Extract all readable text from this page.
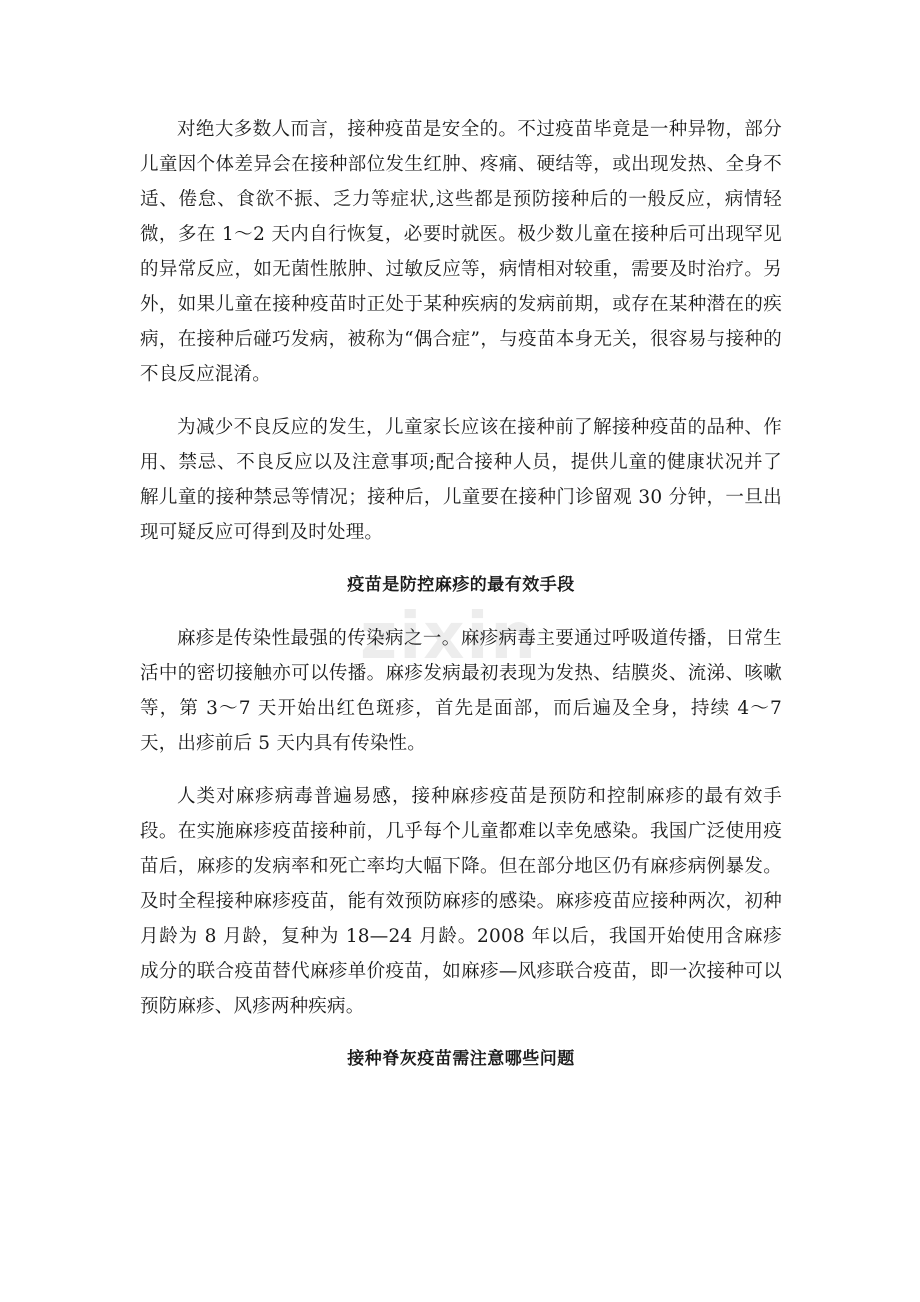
zixin

对绝大多数人而言，接种疫苗是安全的。不过疫苗毕竟是一种异物，部分儿童因个体差异会在接种部位发生红肿、疼痛、硬结等，或出现发热、全身不适、倦怠、食欲不振、乏力等症状,这些都是预防接种后的一般反应，病情轻微，多在 1～2 天内自行恢复，必要时就医。极少数儿童在接种后可出现罕见的异常反应，如无菌性脓肿、过敏反应等，病情相对较重，需要及时治疗。另外，如果儿童在接种疫苗时正处于某种疾病的发病前期，或存在某种潜在的疾病，在接种后碰巧发病，被称为“偶合症”，与疫苗本身无关，很容易与接种的不良反应混淆。

为减少不良反应的发生，儿童家长应该在接种前了解接种疫苗的品种、作用、禁忌、不良反应以及注意事项;配合接种人员，提供儿童的健康状况并了解儿童的接种禁忌等情况；接种后，儿童要在接种门诊留观 30 分钟，一旦出现可疑反应可得到及时处理。

疫苗是防控麻疹的最有效手段

麻疹是传染性最强的传染病之一。麻疹病毒主要通过呼吸道传播，日常生活中的密切接触亦可以传播。麻疹发病最初表现为发热、结膜炎、流涕、咳嗽等，第 3～7 天开始出红色斑疹，首先是面部，而后遍及全身，持续 4～7 天，出疹前后 5 天内具有传染性。

人类对麻疹病毒普遍易感，接种麻疹疫苗是预防和控制麻疹的最有效手段。在实施麻疹疫苗接种前，几乎每个儿童都难以幸免感染。我国广泛使用疫苗后，麻疹的发病率和死亡率均大幅下降。但在部分地区仍有麻疹病例暴发。及时全程接种麻疹疫苗，能有效预防麻疹的感染。麻疹疫苗应接种两次，初种月龄为 8 月龄，复种为 18—24 月龄。2008 年以后，我国开始使用含麻疹成分的联合疫苗替代麻疹单价疫苗，如麻疹—风疹联合疫苗，即一次接种可以预防麻疹、风疹两种疾病。

接种脊灰疫苗需注意哪些问题
